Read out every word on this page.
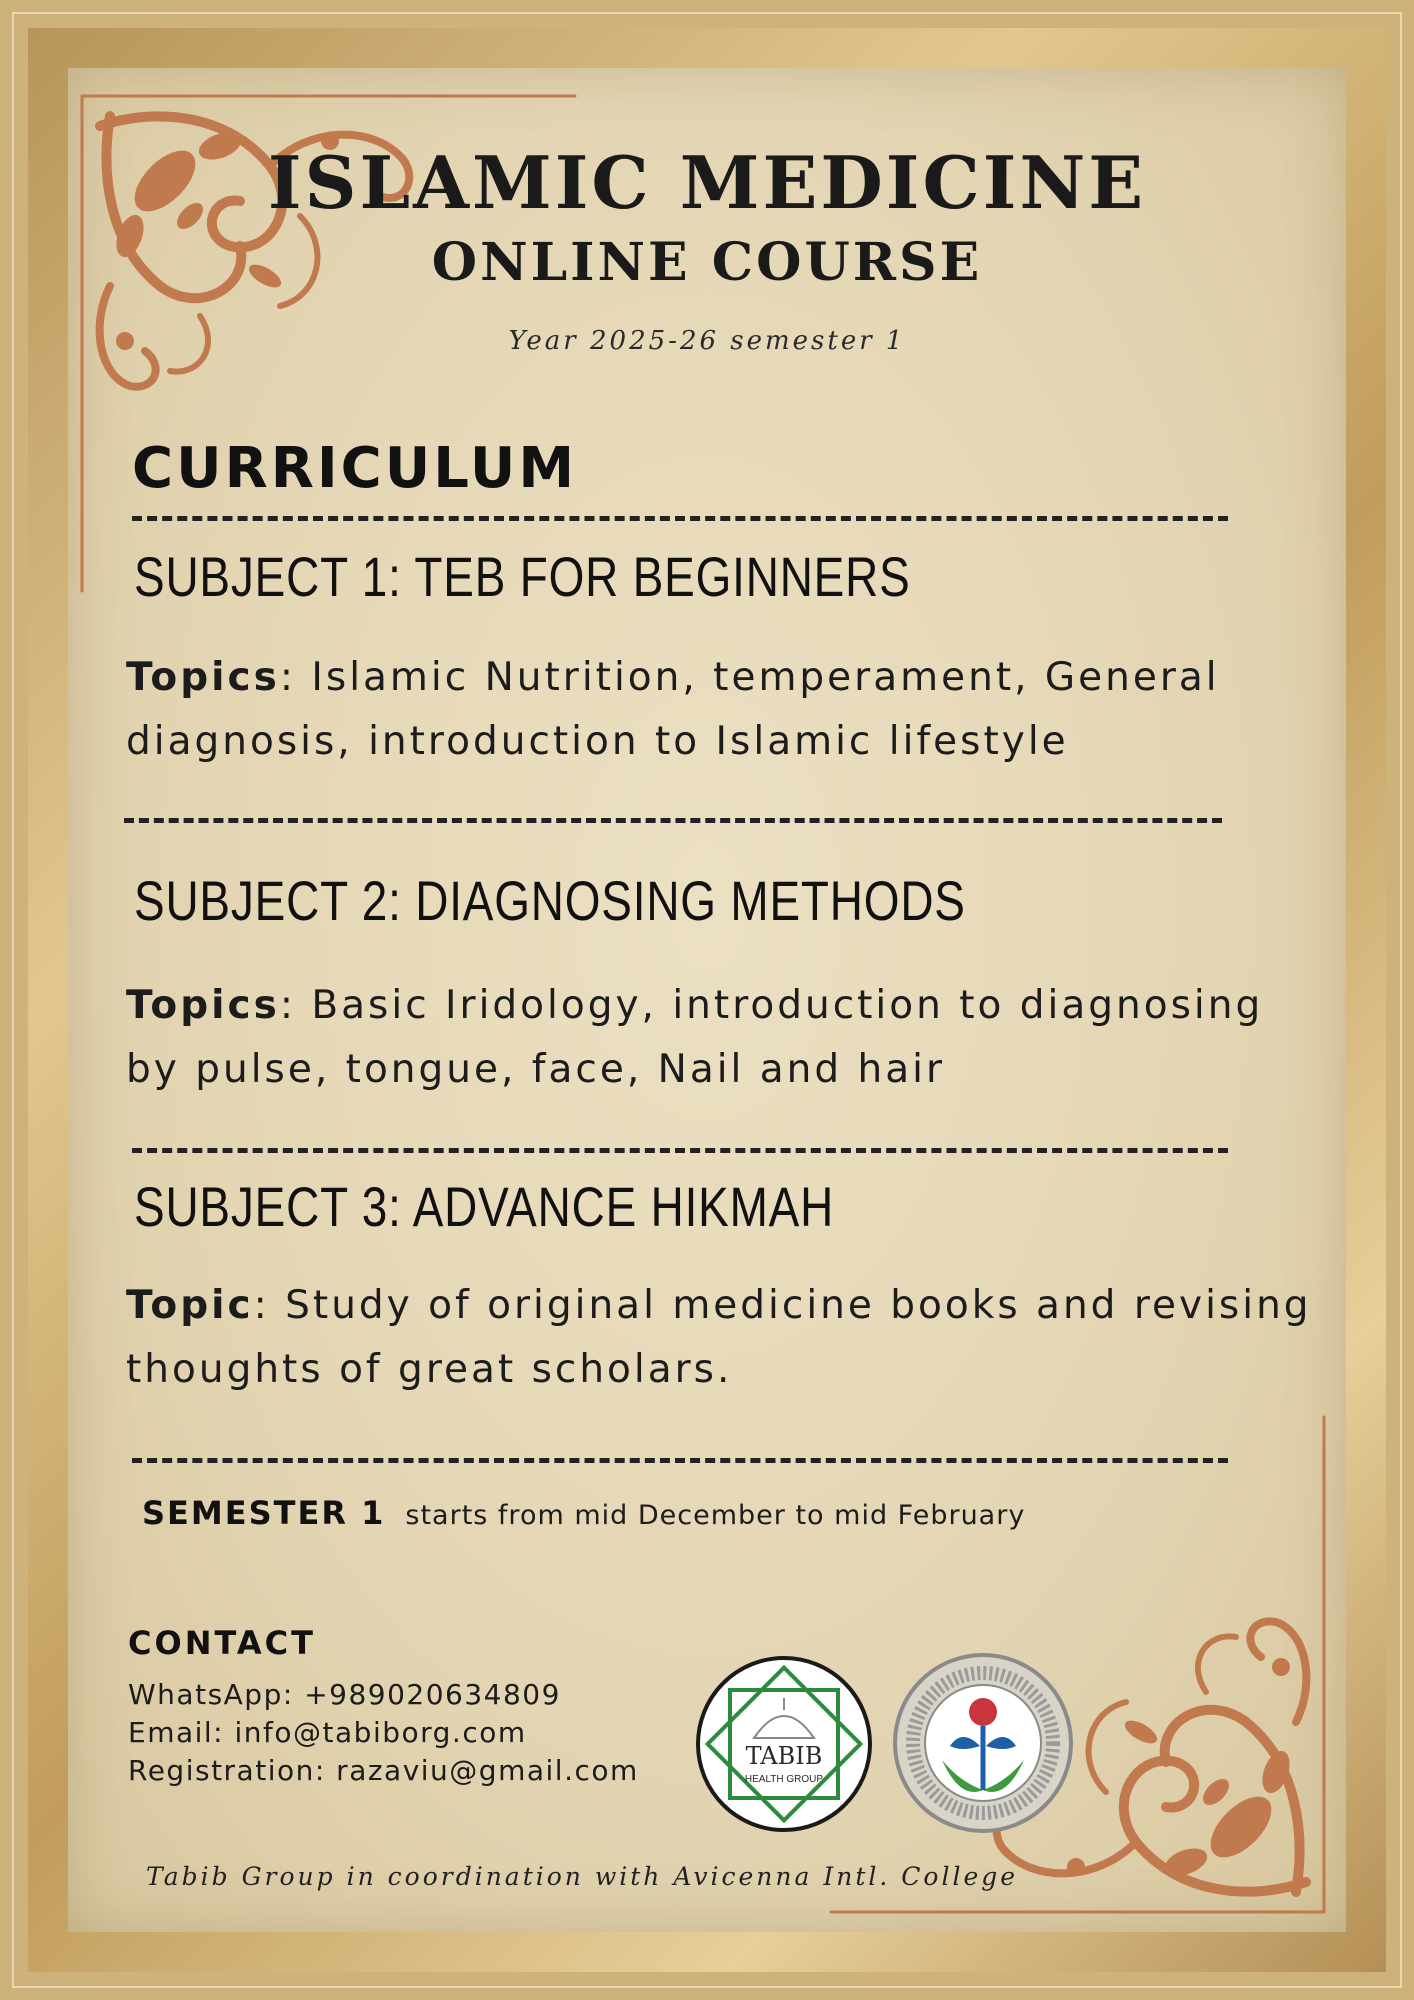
ISLAMIC MEDICINE
ONLINE COURSE
Year 2025-26 semester 1
CURRICULUM
SUBJECT 1: TEB FOR BEGINNERS
Topics: Islamic Nutrition, temperament, General diagnosis, introduction to Islamic lifestyle
SUBJECT 2: DIAGNOSING METHODS
Topics: Basic Iridology, introduction to diagnosing by pulse, tongue, face, Nail and hair
SUBJECT 3: ADVANCE HIKMAH
Topic: Study of original medicine books and revising thoughts of great scholars.
SEMESTER 1 starts from mid December to mid February
CONTACT
WhatsApp: +989020634809
Email: info@tabiborg.com
Registration: razaviu@gmail.com	TABIB
HEALTH GROUP
Tabib Group in coordination with Avicenna Intl. College
